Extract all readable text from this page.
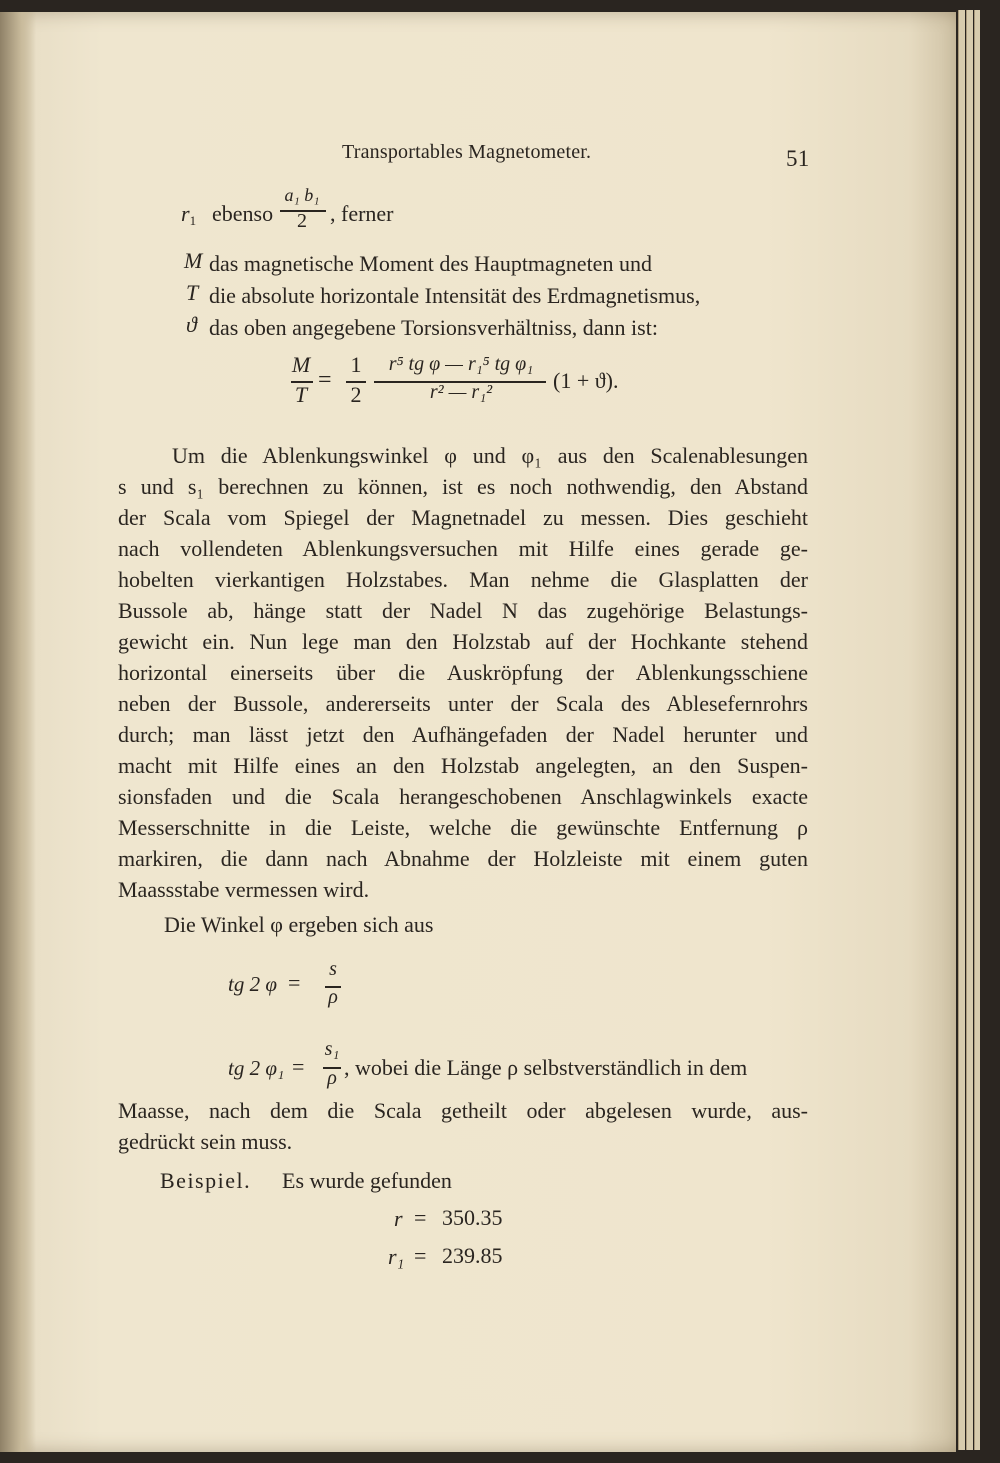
Transportables Magnetometer.	51
$r_1$ ebenso
a₁ b₁
2	, ferner
M das magnetische Moment des Hauptmagneten und
T die absolute horizontale Intensität des Erdmagnetismus,
ϑ das oben angegebene Torsionsverhältniss, dann ist:
M
T
=
1
2
r⁵ tg φ — r₁⁵ tg φ₁
r² — r₁²	(1 + ϑ).
Um die Ablenkungswinkel φ und φ₁ aus den Scalenablesungen
s und s₁ berechnen zu können, ist es noch nothwendig, den Abstand
der Scala vom Spiegel der Magnetnadel zu messen. Dies geschieht
nach vollendeten Ablenkungsversuchen mit Hilfe eines gerade ge-
hobelten vierkantigen Holzstabes. Man nehme die Glasplatten der
Bussole ab, hänge statt der Nadel N das zugehörige Belastungs-
gewicht ein. Nun lege man den Holzstab auf der Hochkante stehend
horizontal einerseits über die Auskröpfung der Ablenkungsschiene
neben der Bussole, andererseits unter der Scala des Ablesefernrohrs
durch; man lässt jetzt den Aufhängefaden der Nadel herunter und
macht mit Hilfe eines an den Holzstab angelegten, an den Suspen-
sionsfaden und die Scala herangeschobenen Anschlagwinkels exacte
Messerschnitte in die Leiste, welche die gewünschte Entfernung ρ
markiren, die dann nach Abnahme der Holzleiste mit einem guten
Maassstabe vermessen wird.
Die Winkel φ ergeben sich aus
tg 2 φ =
s
ρ
tg 2 φ₁ =
s₁
ρ , wobei die Länge ρ selbstverständlich in dem
Maasse, nach dem die Scala getheilt oder abgelesen wurde, aus-
gedrückt sein muss.
Beispiel. Es wurde gefunden
r = 350.35
r₁ = 239.85
